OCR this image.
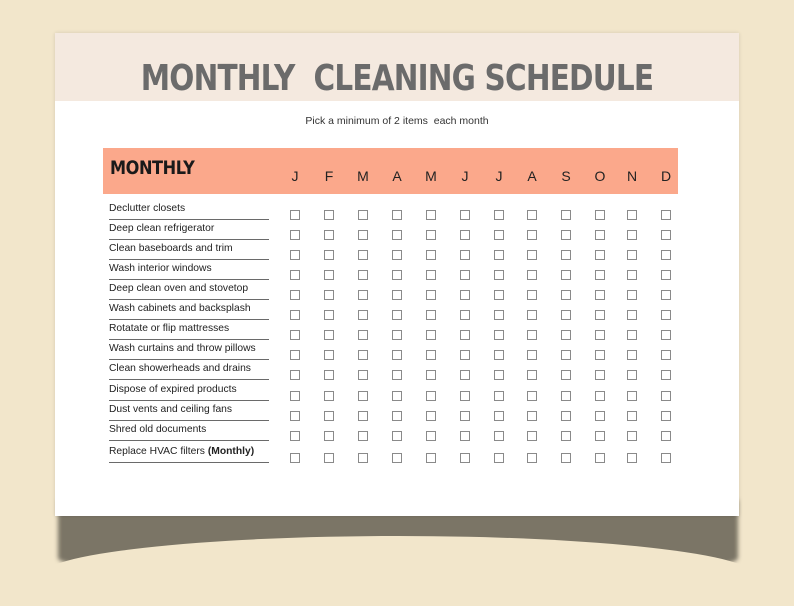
MONTHLY  CLEANING SCHEDULE
Pick a minimum of 2 items  each month
MONTHLY	J	F	M	A	M	J	J	A	S	O	N	D
Declutter closets
Deep clean refrigerator
Clean baseboards and trim
Wash interior windows
Deep clean oven and stovetop
Wash cabinets and backsplash
Rotatate or flip mattresses
Wash curtains and throw pillows
Clean showerheads and drains
Dispose of expired products
Dust vents and ceiling fans
Shred old documents
Replace HVAC filters (Monthly)
